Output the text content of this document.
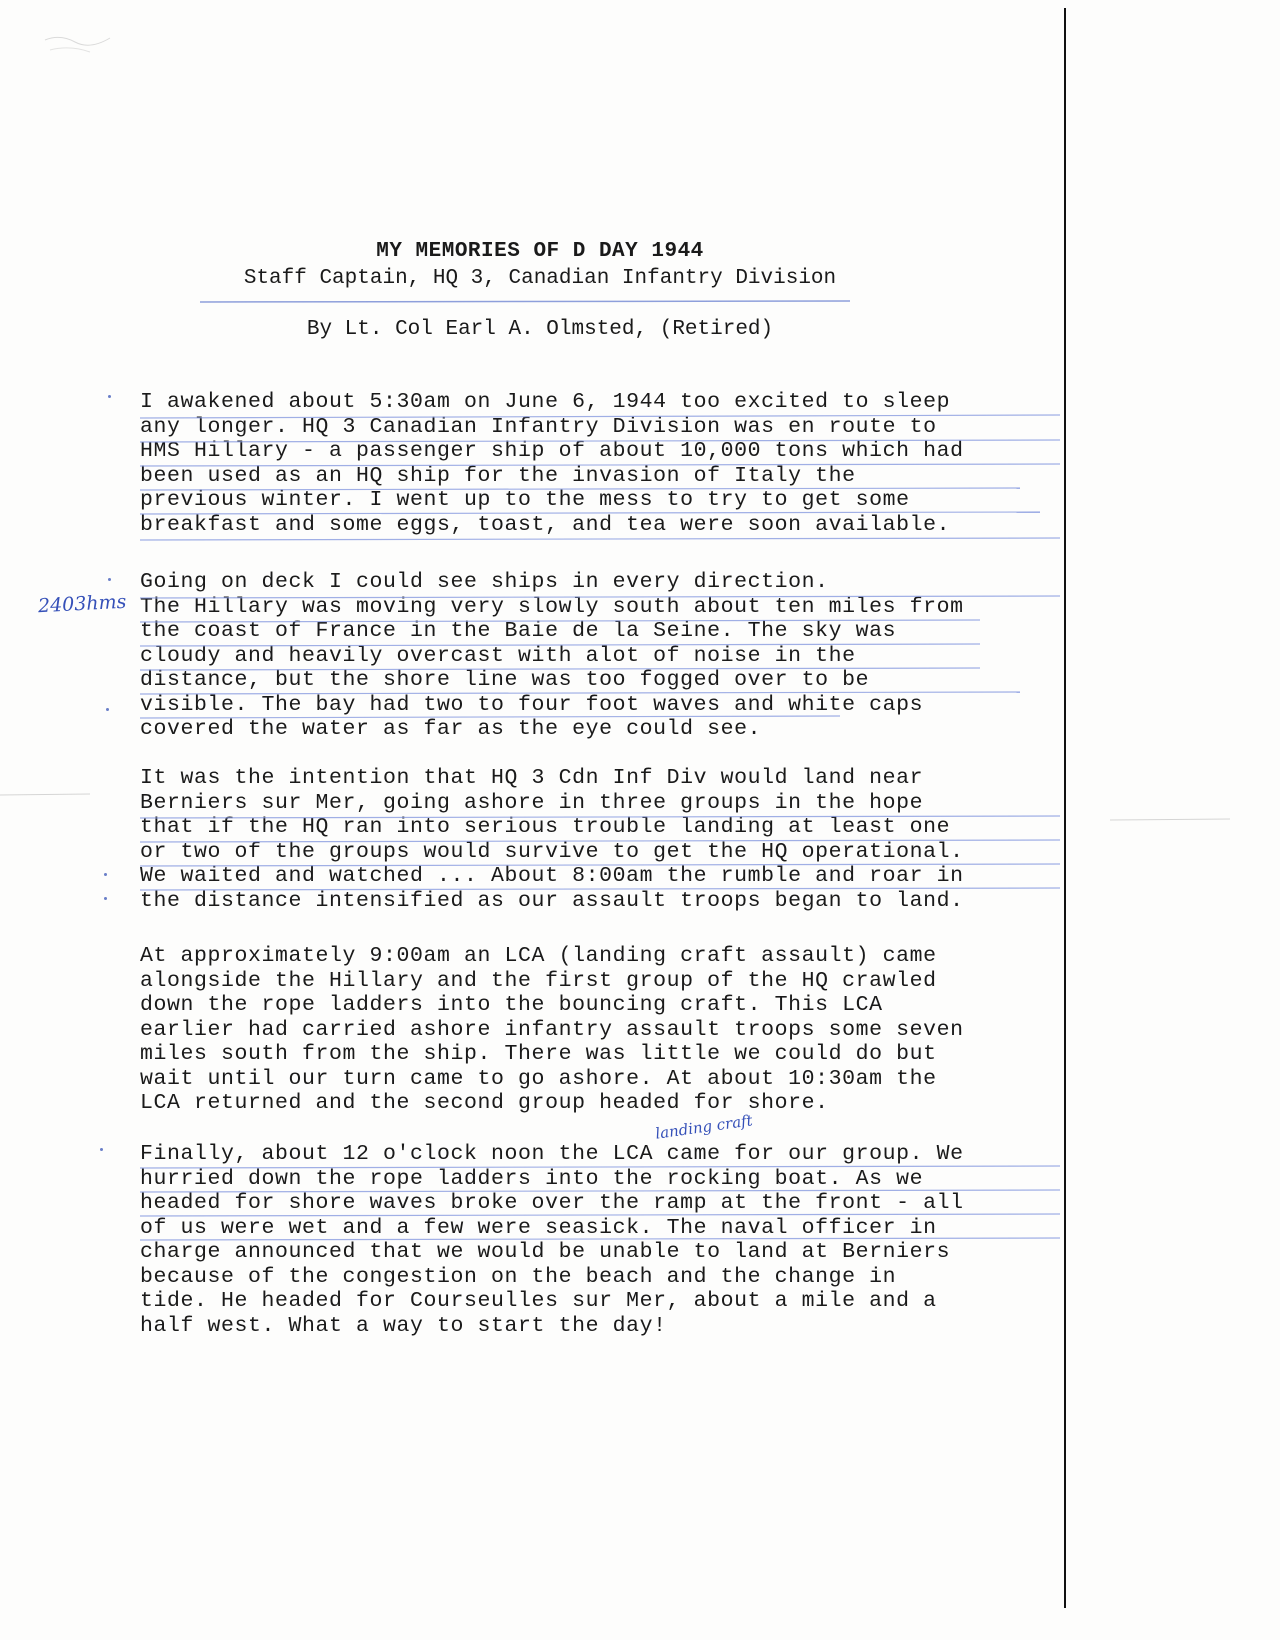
MY MEMORIES OF D DAY 1944
Staff Captain, HQ 3, Canadian Infantry Division
By Lt. Col Earl A. Olmsted, (Retired)
I awakened about 5:30am on June 6, 1944 too excited to sleep
any longer. HQ 3 Canadian Infantry Division was en route to
HMS Hillary - a passenger ship of about 10,000 tons which had
been used as an HQ ship for the invasion of Italy the
previous winter. I went up to the mess to try to get some
breakfast and some eggs, toast, and tea were soon available.
Going on deck I could see ships in every direction.
The Hillary was moving very slowly south about ten miles from
the coast of France in the Baie de la Seine. The sky was
cloudy and heavily overcast with alot of noise in the
distance, but the shore line was too fogged over to be
visible. The bay had two to four foot waves and white caps
covered the water as far as the eye could see.
It was the intention that HQ 3 Cdn Inf Div would land near
Berniers sur Mer, going ashore in three groups in the hope
that if the HQ ran into serious trouble landing at least one
or two of the groups would survive to get the HQ operational.
We waited and watched ... About 8:00am the rumble and roar in
the distance intensified as our assault troops began to land.
At approximately 9:00am an LCA (landing craft assault) came
alongside the Hillary and the first group of the HQ crawled
down the rope ladders into the bouncing craft. This LCA
earlier had carried ashore infantry assault troops some seven
miles south from the ship. There was little we could do but
wait until our turn came to go ashore. At about 10:30am the
LCA returned and the second group headed for shore.
Finally, about 12 o'clock noon the LCA came for our group. We
hurried down the rope ladders into the rocking boat. As we
headed for shore waves broke over the ramp at the front - all
of us were wet and a few were seasick. The naval officer in
charge announced that we would be unable to land at Berniers
because of the congestion on the beach and the change in
tide. He headed for Courseulles sur Mer, about a mile and a
half west. What a way to start the day!
2403hms
landing craft
